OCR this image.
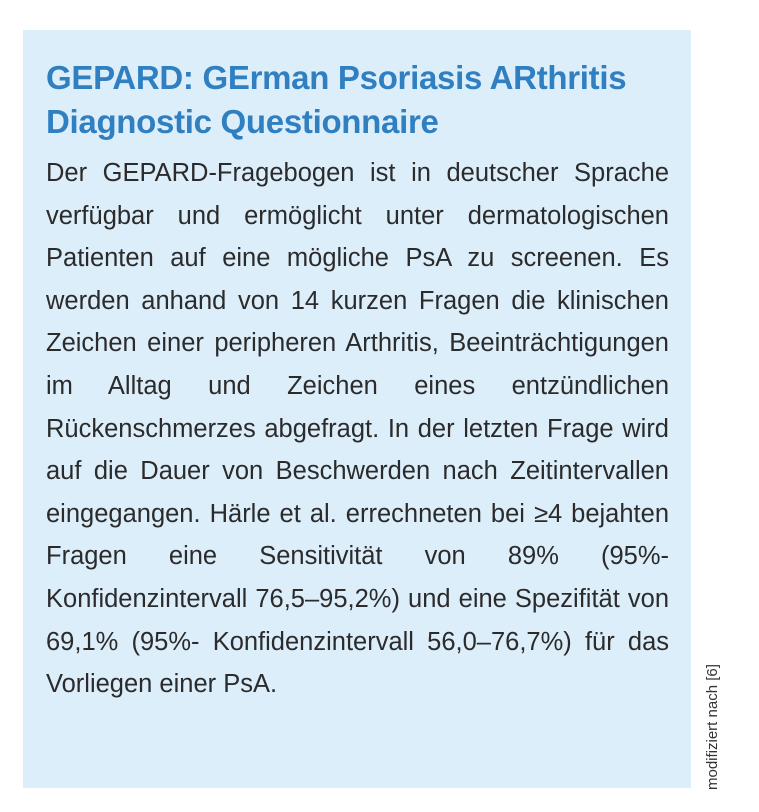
GEPARD: GErman Psoriasis ARthritis Diagnostic Questionnaire

Der GEPARD-Fragebogen ist in deutscher Sprache verfügbar und ermöglicht unter dermatologischen Patienten auf eine mögliche PsA zu screenen. Es werden anhand von 14 kurzen Fragen die klinischen Zeichen einer peripheren Arthritis, Beeinträchtigungen im Alltag und Zeichen eines entzündlichen Rückenschmerzes abgefragt. In der letzten Frage wird auf die Dauer von Beschwerden nach Zeitintervallen eingegangen. Härle et al. errechneten bei ≥4 bejahten Fragen eine Sensitivität von 89% (95%-Konfidenzintervall 76,5–95,2%) und eine Spezifität von 69,1% (95%- Konfidenzintervall 56,0–76,7%) für das Vorliegen einer PsA.	modifiziert nach [6]
